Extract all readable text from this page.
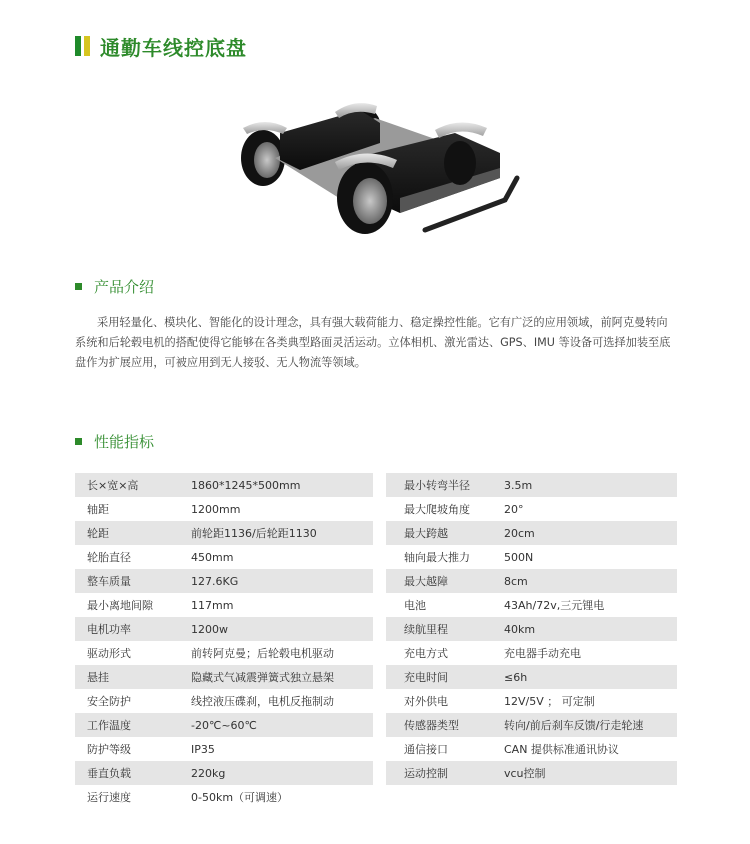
通勤车线控底盘
产品介绍

采用轻量化、模块化、智能化的设计理念，具有强大载荷能力、稳定操控性能。它有广泛的应用领域，前阿克曼转向系统和后轮毂电机的搭配使得它能够在各类典型路面灵活运动。立体相机、激光雷达、GPS、IMU 等设备可选择加装至底盘作为扩展应用，可被应用到无人接驳、无人物流等领域。

性能指标
长×宽×高	1860*1245*500mm
轴距	1200mm
轮距	前轮距1136/后轮距1130
轮胎直径	450mm
整车质量	127.6KG
最小离地间隙	117mm
电机功率	1200w
驱动形式	前转阿克曼；后轮毂电机驱动
悬挂	隐藏式气减震弹簧式独立悬架
安全防护	线控液压碟刹，电机反拖制动
工作温度	-20℃~60℃
防护等级	IP35
垂直负载	220kg
运行速度	0-50km（可调速）
最小转弯半径	3.5m
最大爬坡角度	20°
最大跨越	20cm
轴向最大推力	500N
最大越障	8cm
电池	43Ah/72v,三元锂电
续航里程	40km
充电方式	充电器手动充电
充电时间	≤6h
对外供电	12V/5V ； 可定制
传感器类型	转向/前后刹车反馈/行走轮速
通信接口	CAN 提供标准通讯协议
运动控制	vcu控制
